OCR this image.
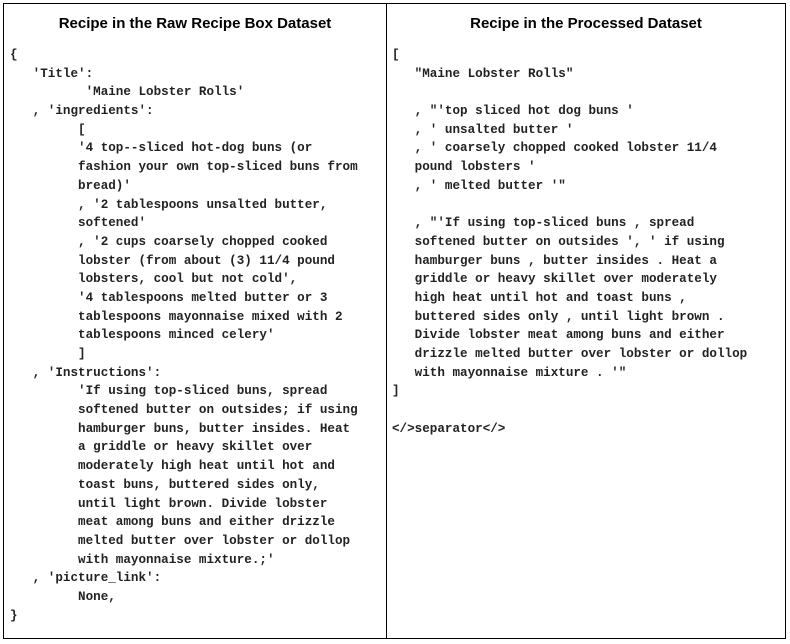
Recipe in the Raw Recipe Box Dataset	Recipe in the Processed Dataset
{
'Title':
'Maine Lobster Rolls'
, 'ingredients':
[
'4 top--sliced hot-dog buns (or
fashion your own top-sliced buns from
bread)'
, '2 tablespoons unsalted butter,
softened'
, '2 cups coarsely chopped cooked
lobster (from about (3) 11/4 pound
lobsters, cool but not cold',
'4 tablespoons melted butter or 3
tablespoons mayonnaise mixed with 2
tablespoons minced celery'
]
, 'Instructions':
'If using top-sliced buns, spread
softened butter on outsides; if using
hamburger buns, butter insides. Heat
a griddle or heavy skillet over
moderately high heat until hot and
toast buns, buttered sides only,
until light brown. Divide lobster
meat among buns and either drizzle
melted butter over lobster or dollop
with mayonnaise mixture.;'
, 'picture_link':
None,
}
[
"Maine Lobster Rolls"
, "'top sliced hot dog buns '
, ' unsalted butter '
, ' coarsely chopped cooked lobster 11/4
pound lobsters '
, ' melted butter '"
, "'If using top-sliced buns , spread
softened butter on outsides ', ' if using
hamburger buns , butter insides . Heat a
griddle or heavy skillet over moderately
high heat until hot and toast buns ,
buttered sides only , until light brown .
Divide lobster meat among buns and either
drizzle melted butter over lobster or dollop
with mayonnaise mixture . '"
]
</>separator</>
